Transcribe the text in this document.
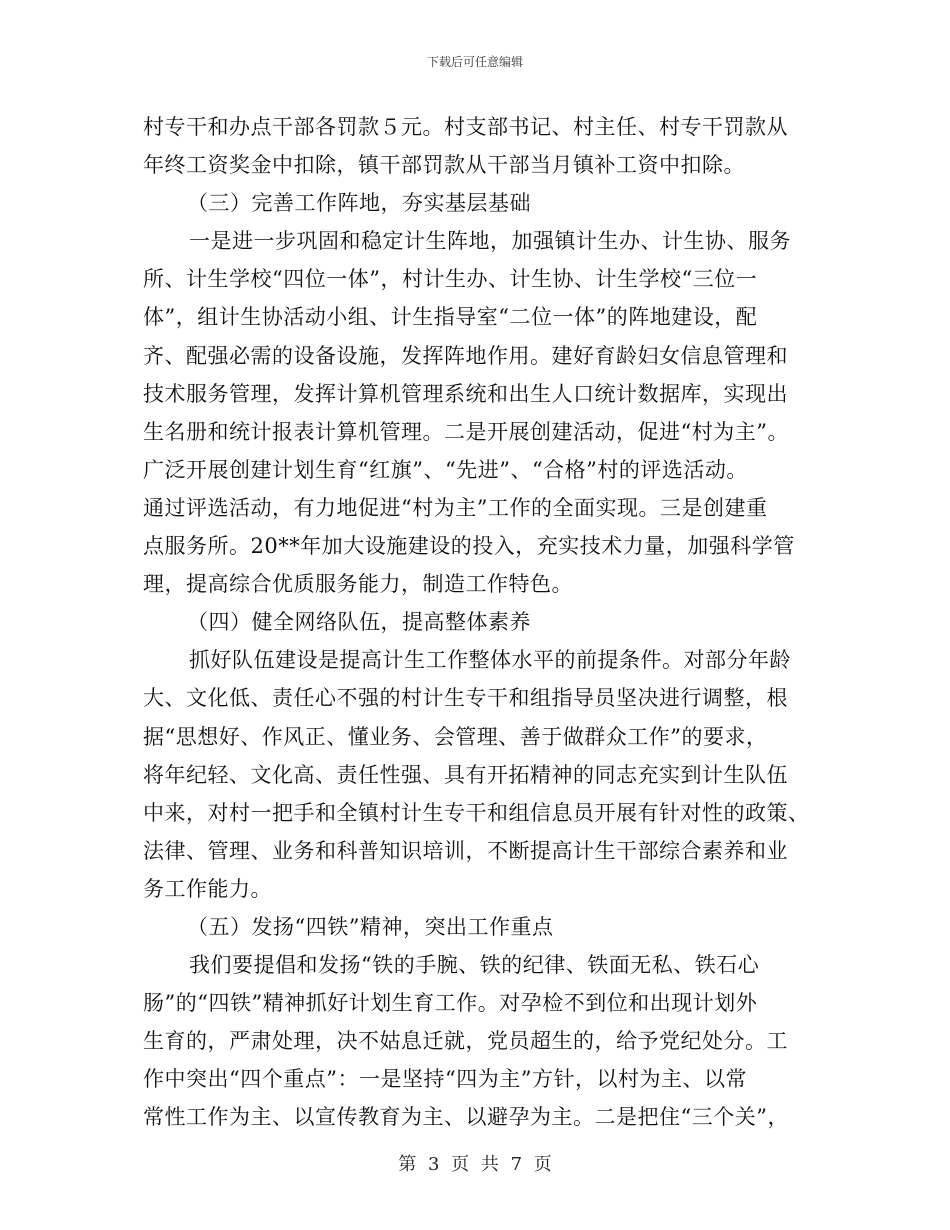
下载后可任意编辑
村专干和办点干部各罚款５元。村支部书记、村主任、村专干罚款从
年终工资奖金中扣除，镇干部罚款从干部当月镇补工资中扣除。
（三）完善工作阵地，夯实基层基础
一是进一步巩固和稳定计生阵地，加强镇计生办、计生协、服务
所、计生学校“四位一体”，村计生办、计生协、计生学校“三位一
体”，组计生协活动小组、计生指导室“二位一体”的阵地建设，配
齐、配强必需的设备设施，发挥阵地作用。建好育龄妇女信息管理和
技术服务管理，发挥计算机管理系统和出生人口统计数据库，实现出
生名册和统计报表计算机管理。二是开展创建活动，促进“村为主”。
广泛开展创建计划生育“红旗”、“先进”、“合格”村的评选活动。
通过评选活动，有力地促进“村为主”工作的全面实现。三是创建重
点服务所。20**年加大设施建设的投入，充实技术力量，加强科学管
理，提高综合优质服务能力，制造工作特色。
（四）健全网络队伍，提高整体素养
抓好队伍建设是提高计生工作整体水平的前提条件。对部分年龄
大、文化低、责任心不强的村计生专干和组指导员坚决进行调整，根
据“思想好、作风正、懂业务、会管理、善于做群众工作”的要求，
将年纪轻、文化高、责任性强、具有开拓精神的同志充实到计生队伍
中来，对村一把手和全镇村计生专干和组信息员开展有针对性的政策、
法律、管理、业务和科普知识培训，不断提高计生干部综合素养和业
务工作能力。
（五）发扬“四铁”精神，突出工作重点
我们要提倡和发扬“铁的手腕、铁的纪律、铁面无私、铁石心
肠”的“四铁”精神抓好计划生育工作。对孕检不到位和出现计划外
生育的，严肃处理，决不姑息迁就，党员超生的，给予党纪处分。工
作中突出“四个重点”：一是坚持“四为主”方针，以村为主、以常
常性工作为主、以宣传教育为主、以避孕为主。二是把住“三个关”，
第 3 页 共 7 页
